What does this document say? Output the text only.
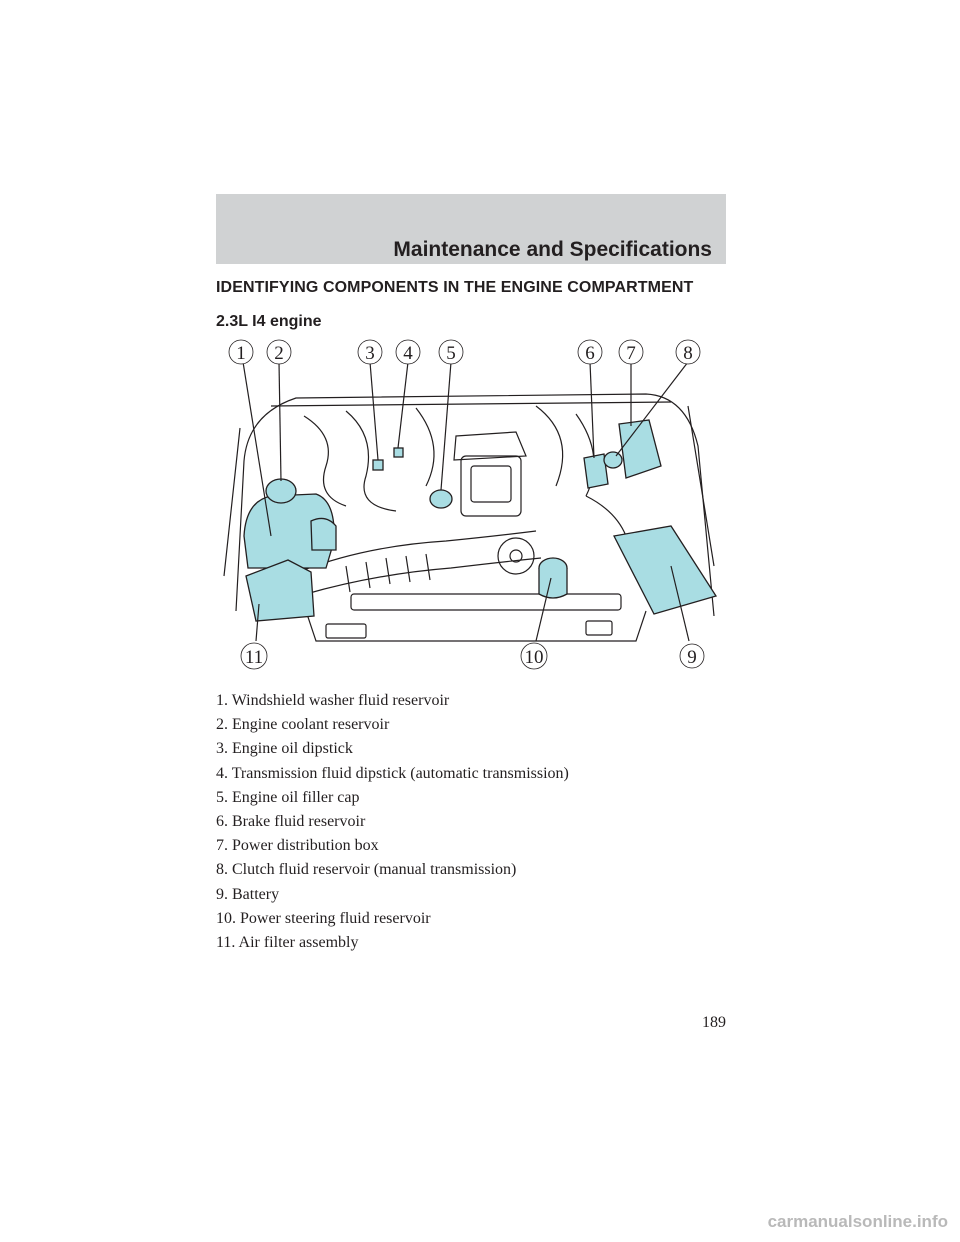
Maintenance and Specifications
IDENTIFYING COMPONENTS IN THE ENGINE COMPARTMENT
2.3L I4 engine
1 2	3 4 5	6 7	8
9
10
11
1. Windshield washer fluid reservoir
2. Engine coolant reservoir
3. Engine oil dipstick
4. Transmission fluid dipstick (automatic transmission)
5. Engine oil filler cap
6. Brake fluid reservoir
7. Power distribution box
8. Clutch fluid reservoir (manual transmission)
9. Battery
10. Power steering fluid reservoir
11. Air filter assembly
189
carmanualsonline.info
